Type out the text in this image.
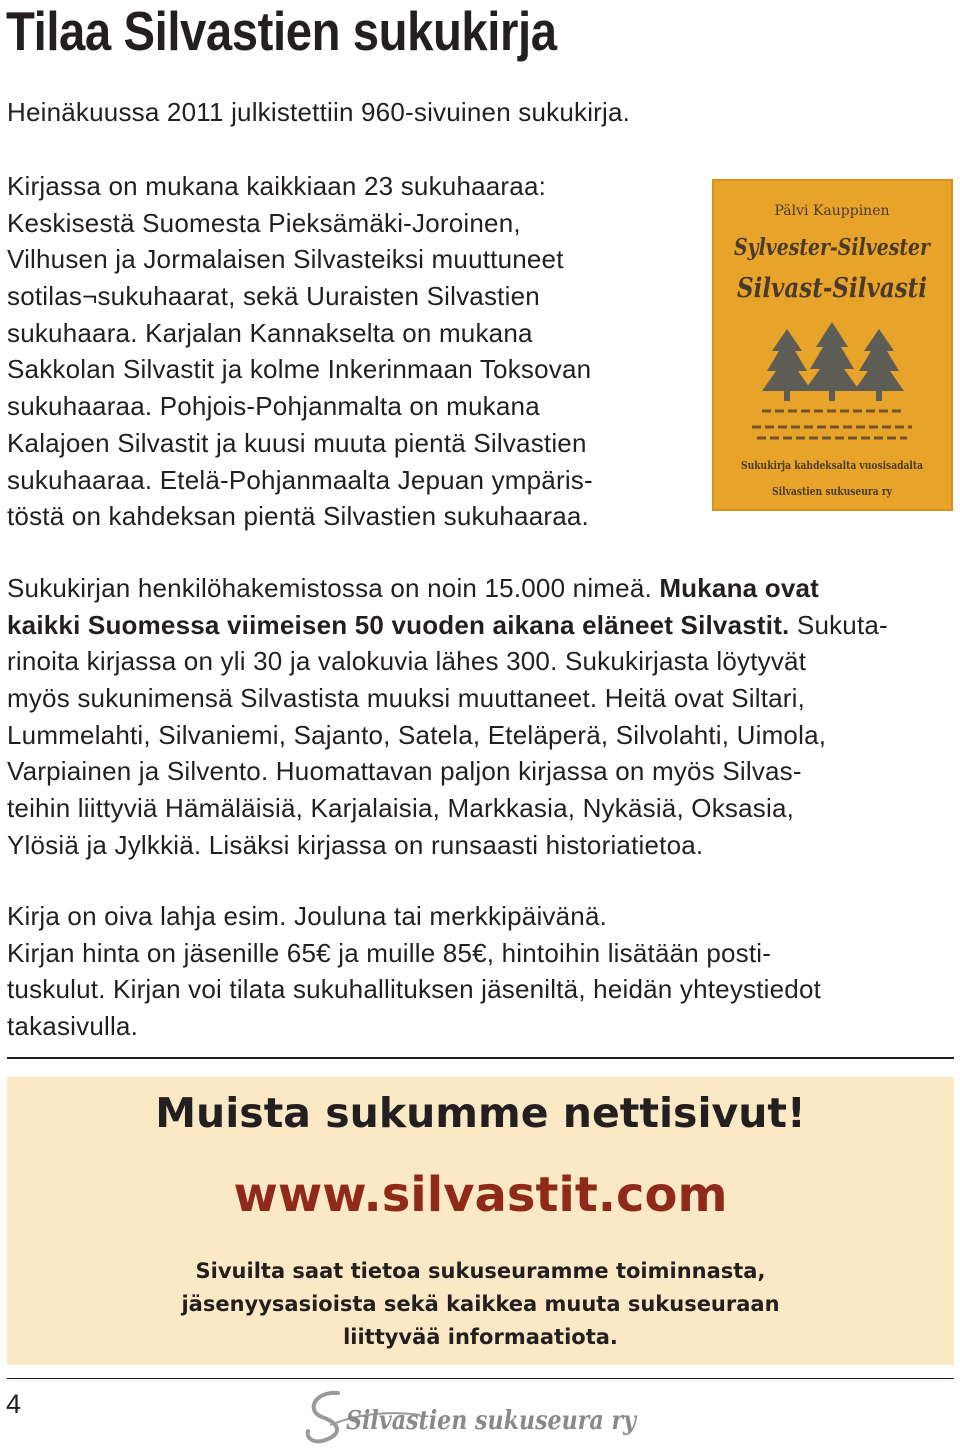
Tilaa Silvastien sukukirja
Heinäkuussa 2011 julkistettiin 960-sivuinen sukukirja.
Kirjassa on mukana kaikkiaan 23 sukuhaaraa:
Keskisestä Suomesta Pieksämäki-Joroinen,
Vilhusen ja Jormalaisen Silvasteiksi muuttuneet
sotilas¬sukuhaarat, sekä Uuraisten Silvastien
sukuhaara. Karjalan Kannakselta on mukana
Sakkolan Silvastit ja kolme Inkerinmaan Toksovan
sukuhaaraa. Pohjois-Pohjanmalta on mukana
Kalajoen Silvastit ja kuusi muuta pientä Silvastien
sukuhaaraa. Etelä-Pohjanmaalta Jepuan ympäris-
töstä on kahdeksan pientä Silvastien sukuhaaraa.
Pälvi Kauppinen
Sylvester-Silvester
Silvast-Silvasti
Sukukirja kahdeksalta vuosisadalta
Silvastien sukuseura ry
Sukukirjan henkilöhakemistossa on noin 15.000 nimeä. Mukana ovat
kaikki Suomessa viimeisen 50 vuoden aikana eläneet Silvastit. Sukuta-
rinoita kirjassa on yli 30 ja valokuvia lähes 300. Sukukirjasta löytyvät
myös sukunimensä Silvastista muuksi muuttaneet. Heitä ovat Siltari,
Lummelahti, Silvaniemi, Sajanto, Satela, Eteläperä, Silvolahti, Uimola,
Varpiainen ja Silvento. Huomattavan paljon kirjassa on myös Silvas-
teihin liittyviä Hämäläisiä, Karjalaisia, Markkasia, Nykäsiä, Oksasia,
Ylösiä ja Jylkkiä. Lisäksi kirjassa on runsaasti historiatietoa.
Kirja on oiva lahja esim. Jouluna tai merkkipäivänä.
Kirjan hinta on jäsenille 65€ ja muille 85€, hintoihin lisätään posti-
tuskulut. Kirjan voi tilata sukuhallituksen jäseniltä, heidän yhteystiedot
takasivulla.
Muista sukumme nettisivut!
www.silvastit.com
Sivuilta saat tietoa sukuseuramme toiminnasta,
jäsenyysasioista sekä kaikkea muuta sukuseuraan
liittyvää informaatiota.
4
Silvastien sukuseura ry
